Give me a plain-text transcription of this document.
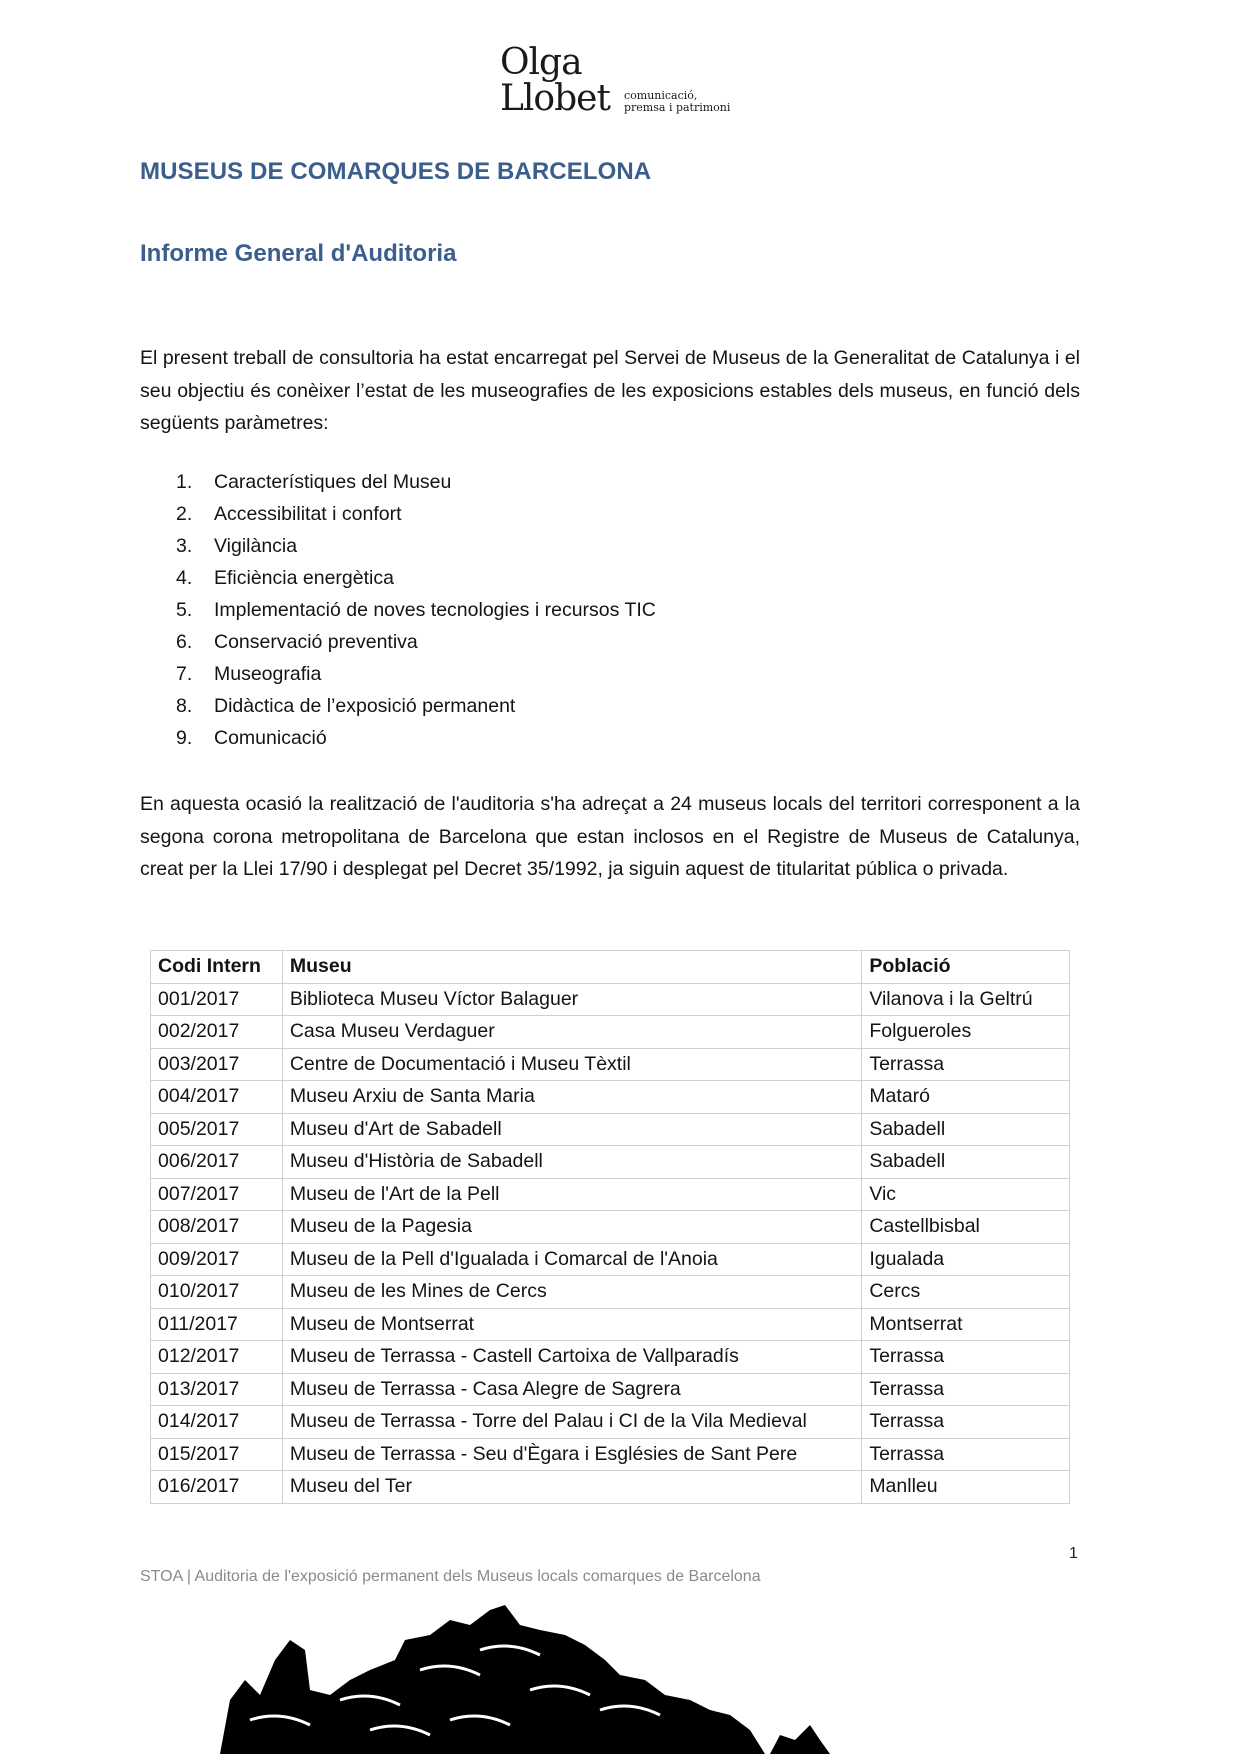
Olga
Llobet comunicació,
premsa i patrimoni
MUSEUS DE COMARQUES DE BARCELONA
Informe General d'Auditoria
El present treball de consultoria ha estat encarregat pel Servei de Museus de la Generalitat de Catalunya i el seu objectiu és conèixer l’estat de les museografies de les exposicions estables dels museus, en funció dels següents paràmetres:
1.	Característiques del Museu
2.	Accessibilitat i confort
3.	Vigilància
4.	Eficiència energètica
5.	Implementació de noves tecnologies i recursos TIC
6.	Conservació preventiva
7.	Museografia
8.	Didàctica de l’exposició permanent
9.	Comunicació
En aquesta ocasió la realització de l'auditoria s'ha adreçat a 24 museus locals del territori corresponent a la segona corona metropolitana de Barcelona que estan inclosos en el Registre de Museus de Catalunya, creat per la Llei 17/90 i desplegat pel Decret 35/1992, ja siguin aquest de titularitat pública o privada.
Codi Intern	Museu	Població
001/2017	Biblioteca Museu Víctor Balaguer	Vilanova i la Geltrú
002/2017	Casa Museu Verdaguer	Folgueroles
003/2017	Centre de Documentació i Museu Tèxtil	Terrassa
004/2017	Museu Arxiu de Santa Maria	Mataró
005/2017	Museu d'Art de Sabadell	Sabadell
006/2017	Museu d'Història de Sabadell	Sabadell
007/2017	Museu de l'Art de la Pell	Vic
008/2017	Museu de la Pagesia	Castellbisbal
009/2017	Museu de la Pell d'Igualada i Comarcal de l'Anoia	Igualada
010/2017	Museu de les Mines de Cercs	Cercs
011/2017	Museu de Montserrat	Montserrat
012/2017	Museu de Terrassa - Castell Cartoixa de Vallparadís	Terrassa
013/2017	Museu de Terrassa - Casa Alegre de Sagrera	Terrassa
014/2017	Museu de Terrassa - Torre del Palau i CI de la Vila Medieval	Terrassa
015/2017	Museu de Terrassa - Seu d'Ègara i Esglésies de Sant Pere	Terrassa
016/2017	Museu del Ter	Manlleu
1
STOA | Auditoria de l'exposició permanent dels Museus locals comarques de Barcelona
